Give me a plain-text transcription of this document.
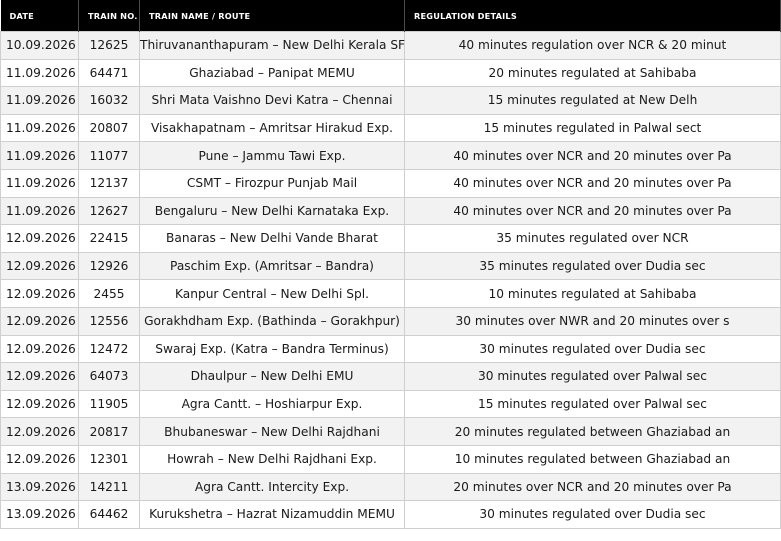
DATE	TRAIN NO.	TRAIN NAME / ROUTE	REGULATION DETAILS
10.09.2026	12625	Thiruvananthapuram – New Delhi Kerala SF	40 minutes regulation over NCR & 20 minut
11.09.2026	64471	Ghaziabad – Panipat MEMU	20 minutes regulated at Sahibaba
11.09.2026	16032	Shri Mata Vaishno Devi Katra – Chennai	15 minutes regulated at New Delh
11.09.2026	20807	Visakhapatnam – Amritsar Hirakud Exp.	15 minutes regulated in Palwal sect
11.09.2026	11077	Pune – Jammu Tawi Exp.	40 minutes over NCR and 20 minutes over Pa
11.09.2026	12137	CSMT – Firozpur Punjab Mail	40 minutes over NCR and 20 minutes over Pa
11.09.2026	12627	Bengaluru – New Delhi Karnataka Exp.	40 minutes over NCR and 20 minutes over Pa
12.09.2026	22415	Banaras – New Delhi Vande Bharat	35 minutes regulated over NCR
12.09.2026	12926	Paschim Exp. (Amritsar – Bandra)	35 minutes regulated over Dudia sec
12.09.2026	2455	Kanpur Central – New Delhi Spl.	10 minutes regulated at Sahibaba
12.09.2026	12556	Gorakhdham Exp. (Bathinda – Gorakhpur)	30 minutes over NWR and 20 minutes over s
12.09.2026	12472	Swaraj Exp. (Katra – Bandra Terminus)	30 minutes regulated over Dudia sec
12.09.2026	64073	Dhaulpur – New Delhi EMU	30 minutes regulated over Palwal sec
12.09.2026	11905	Agra Cantt. – Hoshiarpur Exp.	15 minutes regulated over Palwal sec
12.09.2026	20817	Bhubaneswar – New Delhi Rajdhani	20 minutes regulated between Ghaziabad an
12.09.2026	12301	Howrah – New Delhi Rajdhani Exp.	10 minutes regulated between Ghaziabad an
13.09.2026	14211	Agra Cantt. Intercity Exp.	20 minutes over NCR and 20 minutes over Pa
13.09.2026	64462	Kurukshetra – Hazrat Nizamuddin MEMU	30 minutes regulated over Dudia sec
